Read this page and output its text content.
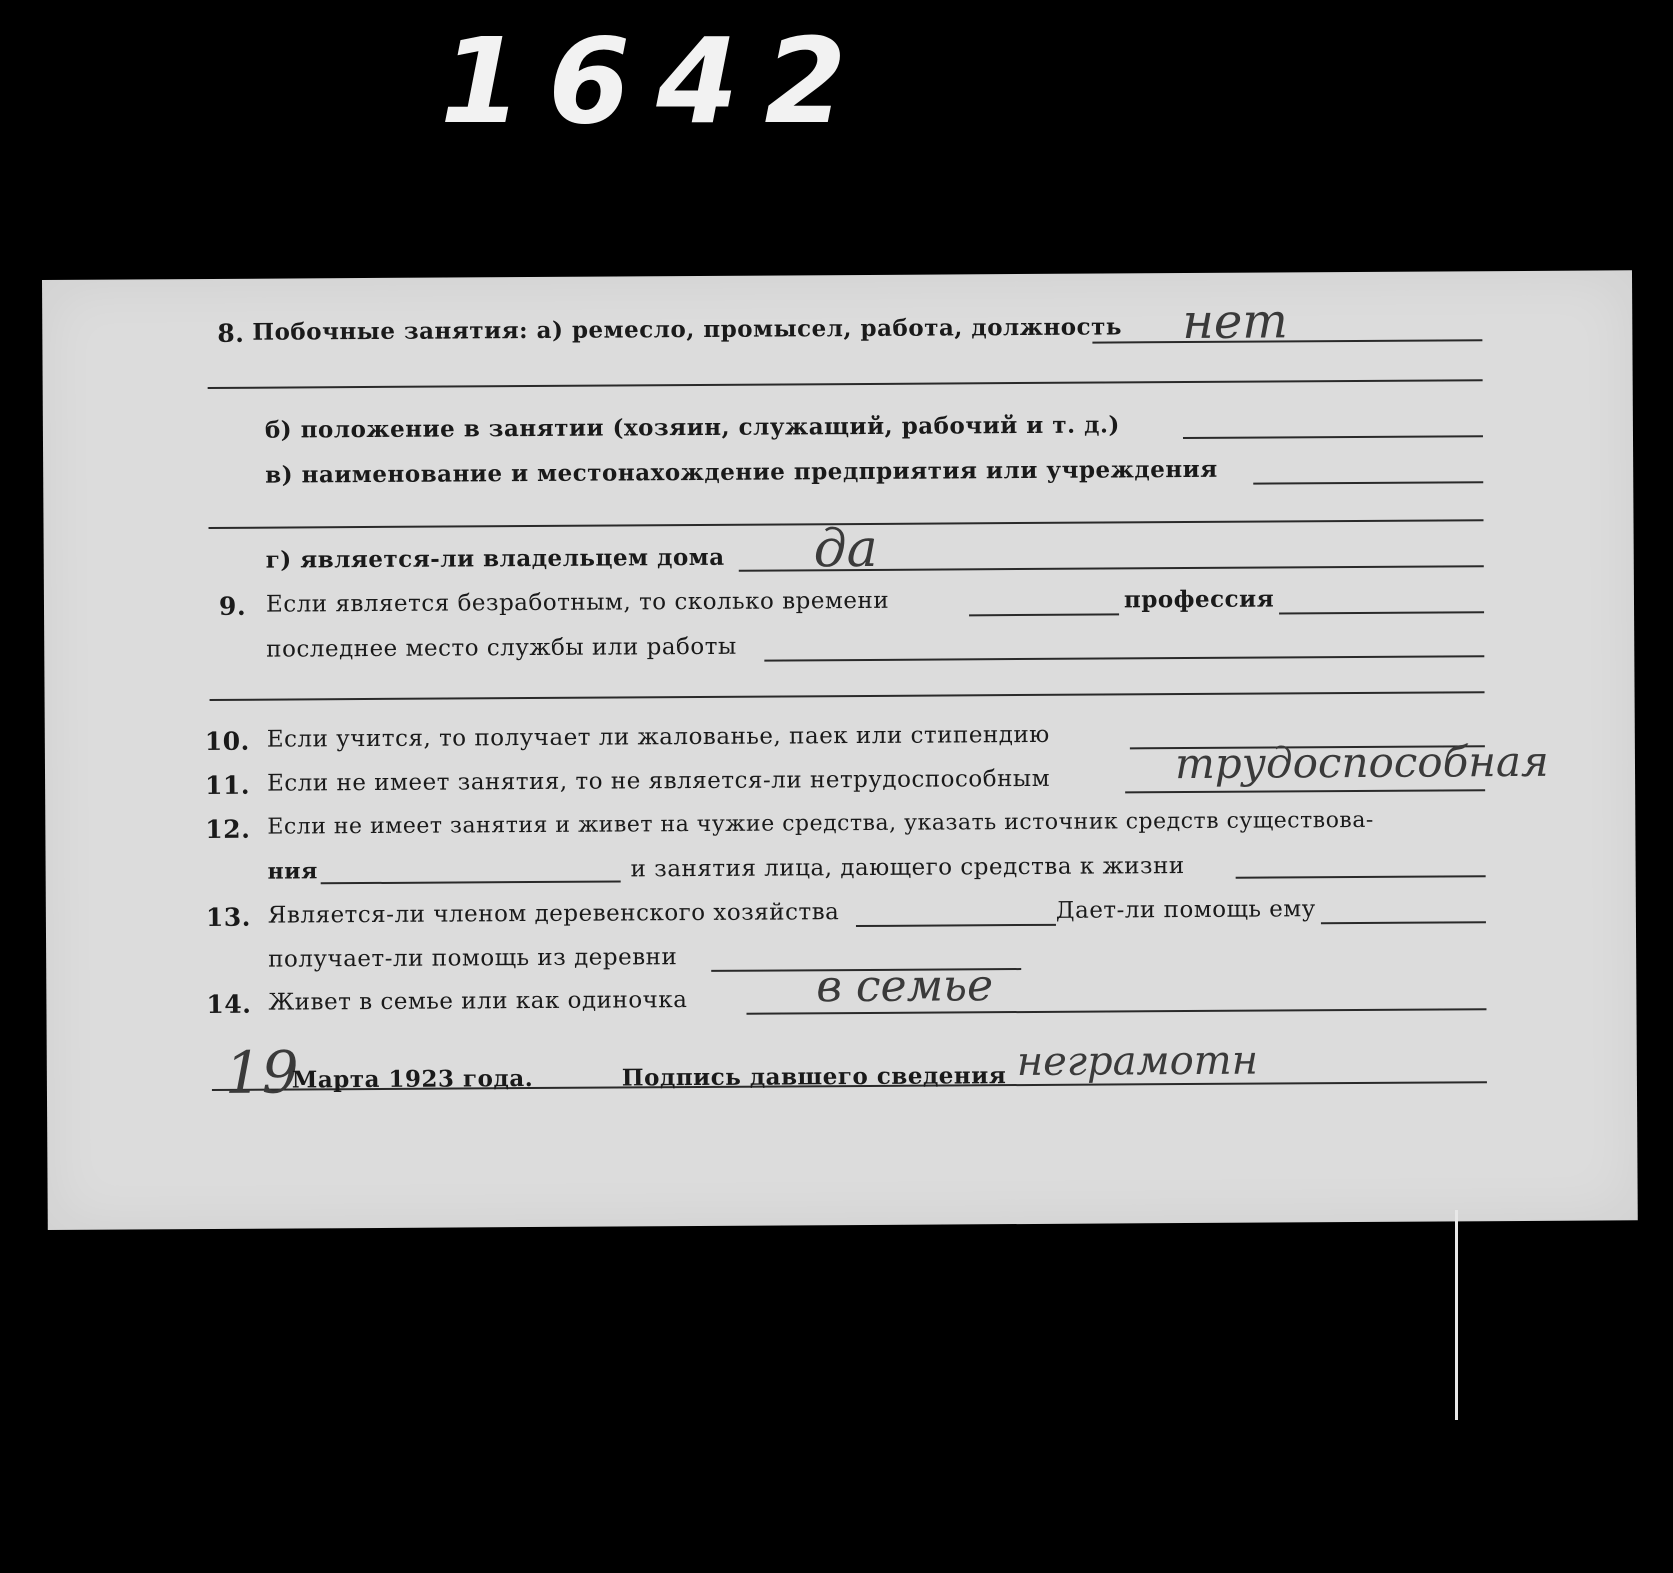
1642
8. Побочные занятия: а) ремесло, промысел, работа, должность нет
б) положение в занятии (хозяин, служащий, рабочий и т. д.)
в) наименование и местонахождение предприятия или учреждения
г) является-ли владельцем дома да
9. Если является безработным, то сколько времени	профессия
последнее место службы или работы
10. Если учится, то получает ли жалованье, паек или стипендию
11. Если не имеет занятия, то не является-ли нетрудоспособным	трудоспособная
12. Если не имеет занятия и живет на чужие средства, указать источник средств существова-
ния	и занятия лица, дающего средства к жизни
13. Является-ли членом деревенского хозяйства	Дает-ли помощь ему
получает-ли помощь из деревни
14. Живет в семье или как одиночка	в семье
19
Марта 1923 года.	Подпись давшего сведения неграмотн
